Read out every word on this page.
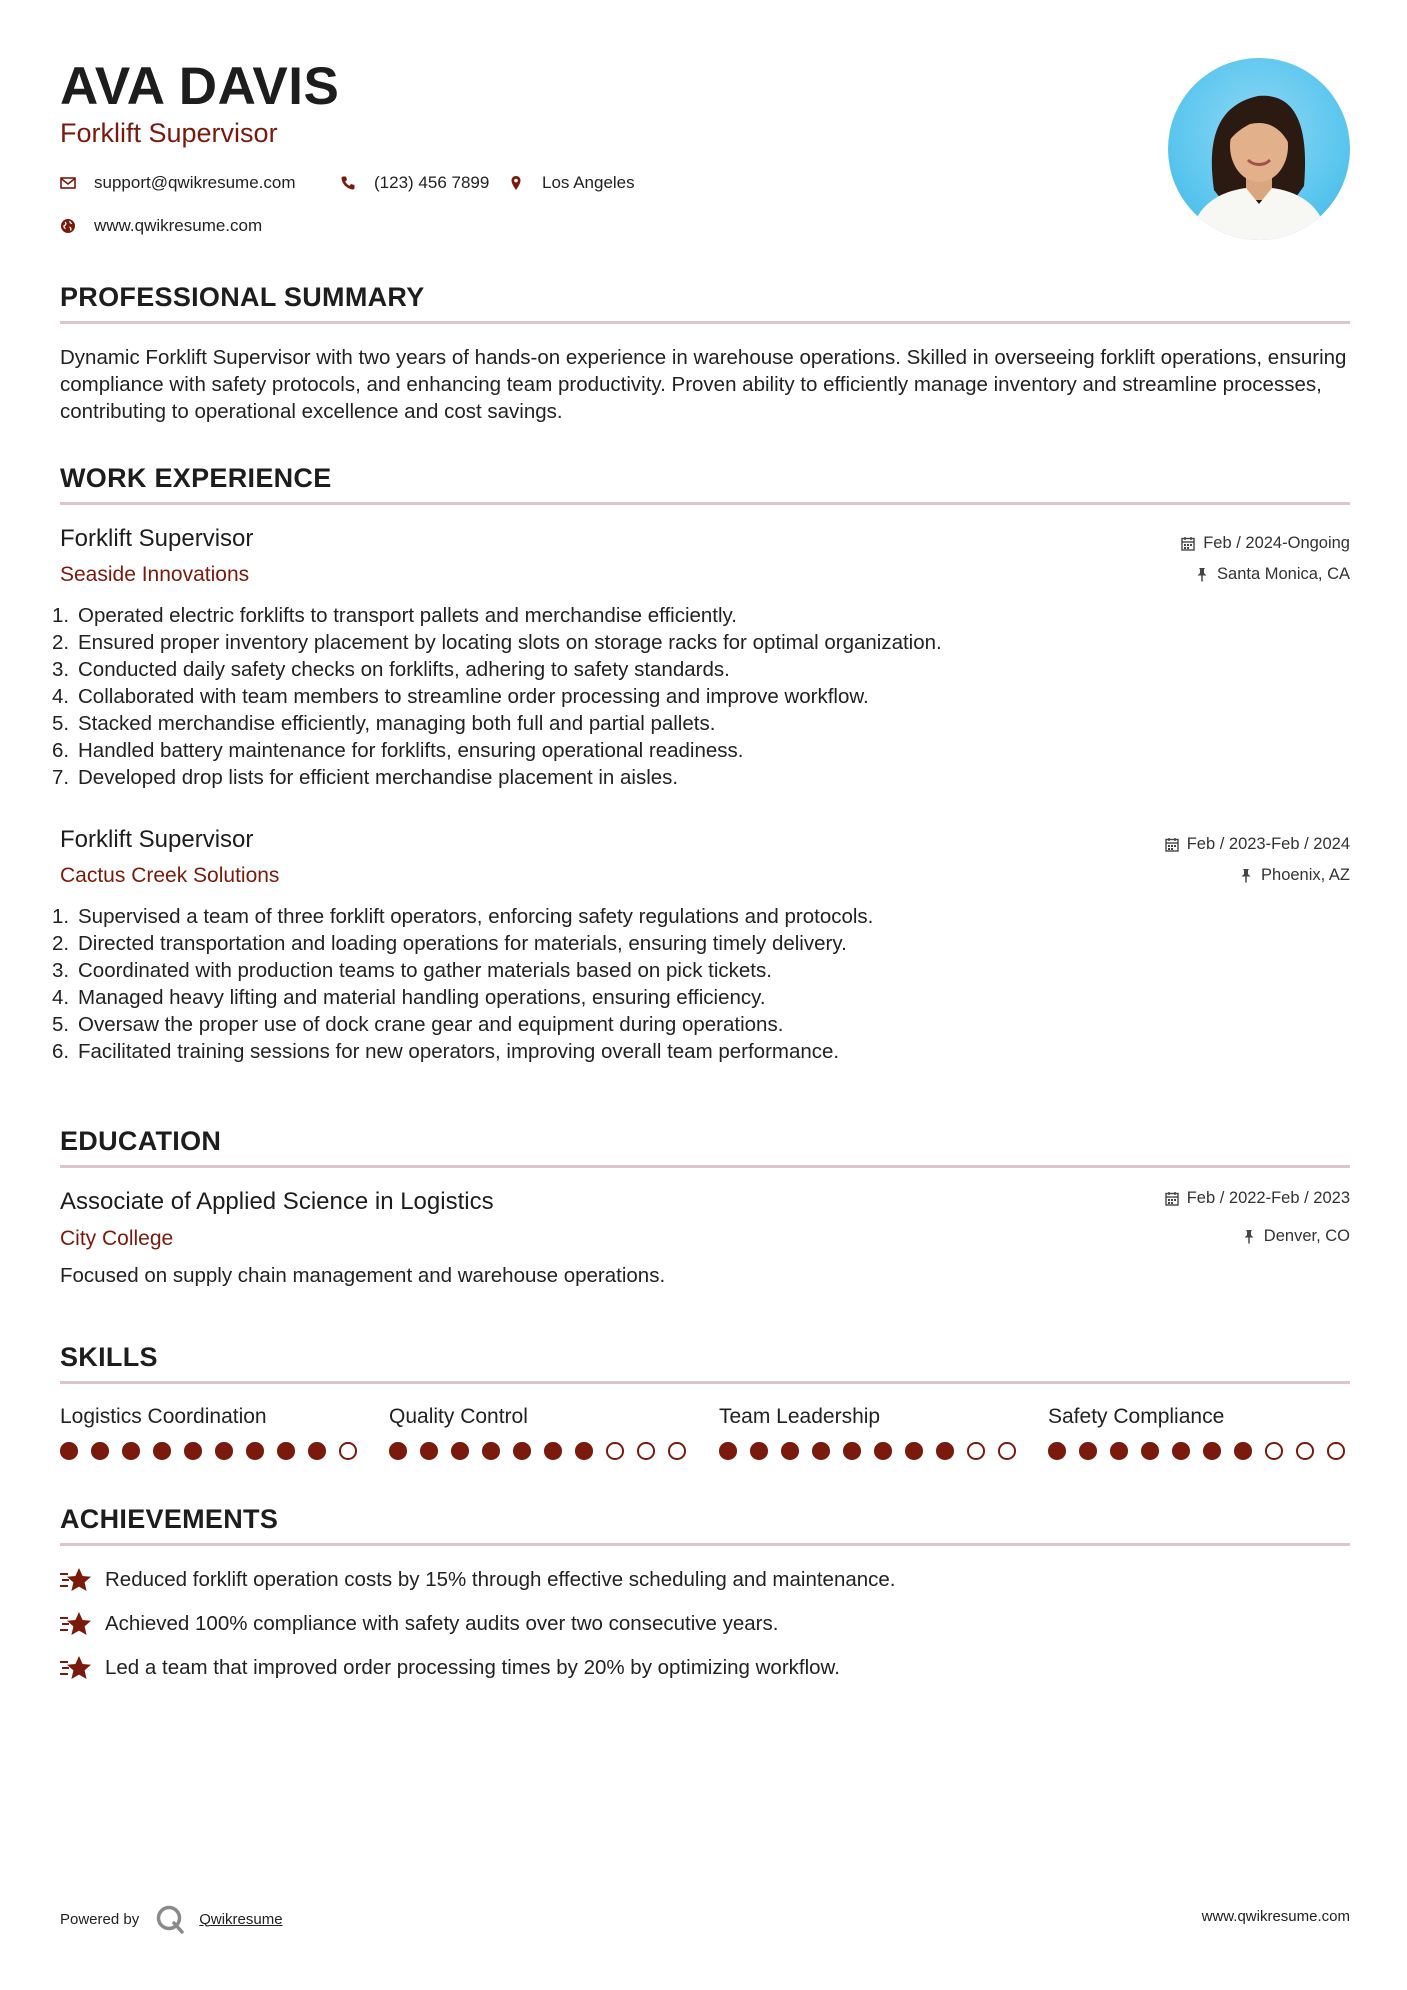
AVA DAVIS
Forklift Supervisor
support@qwikresume.com	(123) 456 7899	Los Angeles
www.qwikresume.com
PROFESSIONAL SUMMARY
Dynamic Forklift Supervisor with two years of hands-on experience in warehouse operations. Skilled in overseeing forklift operations, ensuring compliance with safety protocols, and enhancing team productivity. Proven ability to efficiently manage inventory and streamline processes, contributing to operational excellence and cost savings.
WORK EXPERIENCE
Forklift Supervisor
Seaside Innovations
Feb / 2024-Ongoing
Santa Monica, CA
1. Operated electric forklifts to transport pallets and merchandise efficiently.
2. Ensured proper inventory placement by locating slots on storage racks for optimal organization.
3. Conducted daily safety checks on forklifts, adhering to safety standards.
4. Collaborated with team members to streamline order processing and improve workflow.
5. Stacked merchandise efficiently, managing both full and partial pallets.
6. Handled battery maintenance for forklifts, ensuring operational readiness.
7. Developed drop lists for efficient merchandise placement in aisles.
Forklift Supervisor
Cactus Creek Solutions
Feb / 2023-Feb / 2024
Phoenix, AZ
1. Supervised a team of three forklift operators, enforcing safety regulations and protocols.
2. Directed transportation and loading operations for materials, ensuring timely delivery.
3. Coordinated with production teams to gather materials based on pick tickets.
4. Managed heavy lifting and material handling operations, ensuring efficiency.
5. Oversaw the proper use of dock crane gear and equipment during operations.
6. Facilitated training sessions for new operators, improving overall team performance.
EDUCATION
Associate of Applied Science in Logistics
City College
Feb / 2022-Feb / 2023
Denver, CO
Focused on supply chain management and warehouse operations.
SKILLS
Logistics Coordination	Quality Control	Team Leadership	Safety Compliance
ACHIEVEMENTS
Reduced forklift operation costs by 15% through effective scheduling and maintenance.
Achieved 100% compliance with safety audits over two consecutive years.
Led a team that improved order processing times by 20% by optimizing workflow.
Powered by	Qwikresume	www.qwikresume.com
